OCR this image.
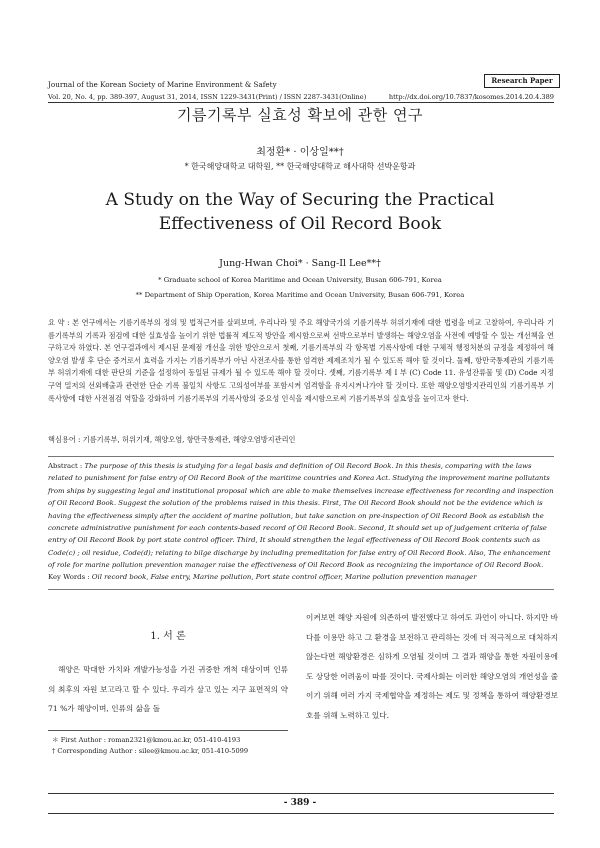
Journal of the Korean Society of Marine Environment & Safety	Research Paper
Vol. 20, No. 4, pp. 389-397, August 31, 2014, ISSN 1229-3431(Print) / ISSN 2287-3431(Online)	http://dx.doi.org/10.7837/kosomes.2014.20.4.389
기름기록부 실효성 확보에 관한 연구
최정환* · 이상일**†
* 한국해양대학교 대학원, ** 한국해양대학교 해사대학 선박운항과
A Study on the Way of Securing the Practical Effectiveness of Oil Record Book
Jung-Hwan Choi* · Sang-Il Lee**†
* Graduate school of Korea Maritime and Ocean University, Busan 606-791, Korea
** Department of Ship Operation, Korea Maritime and Ocean University, Busan 606-791, Korea
요 약 : 본 연구에서는 기름기록부의 정의 및 법적근거를 살펴보며, 우리나라 및 주요 해양국가의 기름기록부 허위기재에 대한 법령을 비교 고찰하여, 우리나라 기름기록부의 기록과 점검에 대한 실효성을 높이기 위한 법률적 제도적 방안을 제시함으로써 선박으로부터 발생하는 해양오염을 사전에 예방할 수 있는 개선책을 연구하고자 하였다. 본 연구결과에서 제시된 문제점 개선을 위한 방안으로서 첫째, 기름기록부의 각 항목별 기록사항에 대한 구체적 행정처분의 규정을 제정하여 해양오염 발생 후 단순 증거로서 효력을 가지는 기름기록부가 아닌 사전조사를 통한 엄격한 제제조치가 될 수 있도록 해야 할 것이다. 둘째, 항만국통제관의 기름기록부 허위기재에 대한 판단의 기준을 설정하여 동일된 규제가 될 수 있도록 해야 할 것이다. 셋째, 기름기록부 제 I 부 (C) Code 11. 유성잔류물 및 (D) Code 지정구역 밀저의 선외배출과 관련한 단순 기록 불일치 사항도 고의성여부를 포함시켜 엄격함을 유지시켜나가야 할 것이다. 또한 해양오염방지관리인의 기름기록부 기록사항에 대한 사전점검 역할을 강화하여 기름기록부의 기록사항의 중요성 인식을 제시함으로써 기름기록부의 실효성을 높이고자 한다.
핵심용어 : 기름기록부, 허위기재, 해양오염, 항만국통제관, 해양오염방지관리인
Abstract : The purpose of this thesis is studying for a legal basis and definition of Oil Record Book. In this thesis, comparing with the laws related to punishment for false entry of Oil Record Book of the maritime countries and Korea Act. Studying the improvement marine pollutants from ships by suggesting legal and institutional proposal which are able to make themselves increase effectiveness for recording and inspection of Oil Record Book. Suggest the solution of the problems raised in this thesis. First, The Oil Record Book should not be the evidence which is having the effectiveness simply after the accident of marine pollution, but take sanction on pre-inspection of Oil Record Book as establish the concrete administrative punishment for each contents-based record of Oil Record Book. Second, It should set up of judgement criteria of false entry of Oil Record Book by port state control officer. Third, It should strengthen the legal effectiveness of Oil Record Book contents such as Code(c) ; oil residue, Code(d); relating to bilge discharge by including premeditation for false entry of Oil Record Book. Also, The enhancement of role for marine pollution prevention manager raise the effectiveness of Oil Record Book as recognizing the importance of Oil Record Book.
Key Words : Oil record book, False entry, Marine pollution, Port state control officer, Marine pollution prevention manager
1. 서 론
해양은 막대한 가치와 개발가능성을 가진 귀중한 개척 대상이며 인류의 최후의 자원 보고라고 할 수 있다. 우리가 살고 있는 지구 표면적의 약 71 %가 해양이며, 인류의 삶을 돌
이켜보면 해양 자원에 의존하여 발전했다고 하여도 과언이 아니다. 하지만 바다를 이용만 하고 그 환경을 보전하고 관리하는 것에 더 적극적으로 대처하지 않는다면 해양환경은 심하게 오염될 것이며 그 결과 해양을 통한 자원이용에도 상당한 어려움이 따를 것이다. 국제사회는 이러한 해양오염의 개연성을 줄이기 위해 여러 가지 국제협약을 제정하는 제도 및 정책을 통하여 해양환경보호를 위해 노력하고 있다.
＊ First Author : roman2321@kmou.ac.kr, 051-410-4193
† Corresponding Author : silee@kmou.ac.kr, 051-410-5099
- 389 -
